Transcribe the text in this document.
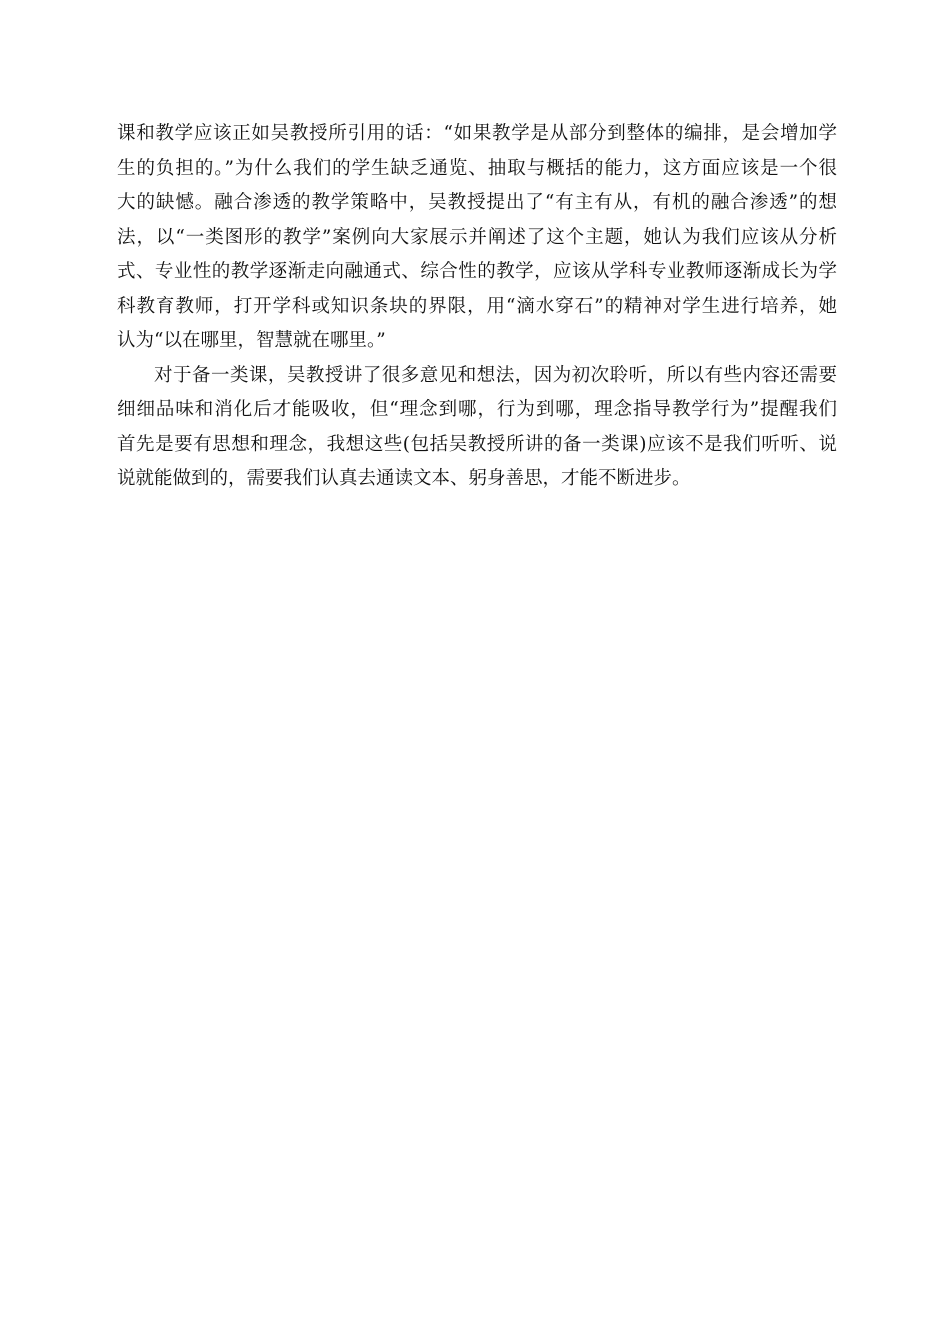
课和教学应该正如吴教授所引用的话：“如果教学是从部分到整体的编排，是会增加学
生的负担的。”为什么我们的学生缺乏通览、抽取与概括的能力，这方面应该是一个很
大的缺憾。融合渗透的教学策略中，吴教授提出了“有主有从，有机的融合渗透”的想
法，以“一类图形的教学”案例向大家展示并阐述了这个主题，她认为我们应该从分析
式、专业性的教学逐渐走向融通式、综合性的教学，应该从学科专业教师逐渐成长为学
科教育教师，打开学科或知识条块的界限，用“滴水穿石”的精神对学生进行培养，她
认为“以在哪里，智慧就在哪里。”
对于备一类课，吴教授讲了很多意见和想法，因为初次聆听，所以有些内容还需要
细细品味和消化后才能吸收，但“理念到哪，行为到哪，理念指导教学行为”提醒我们
首先是要有思想和理念，我想这些(包括吴教授所讲的备一类课)应该不是我们听听、说
说就能做到的，需要我们认真去通读文本、躬身善思，才能不断进步。
